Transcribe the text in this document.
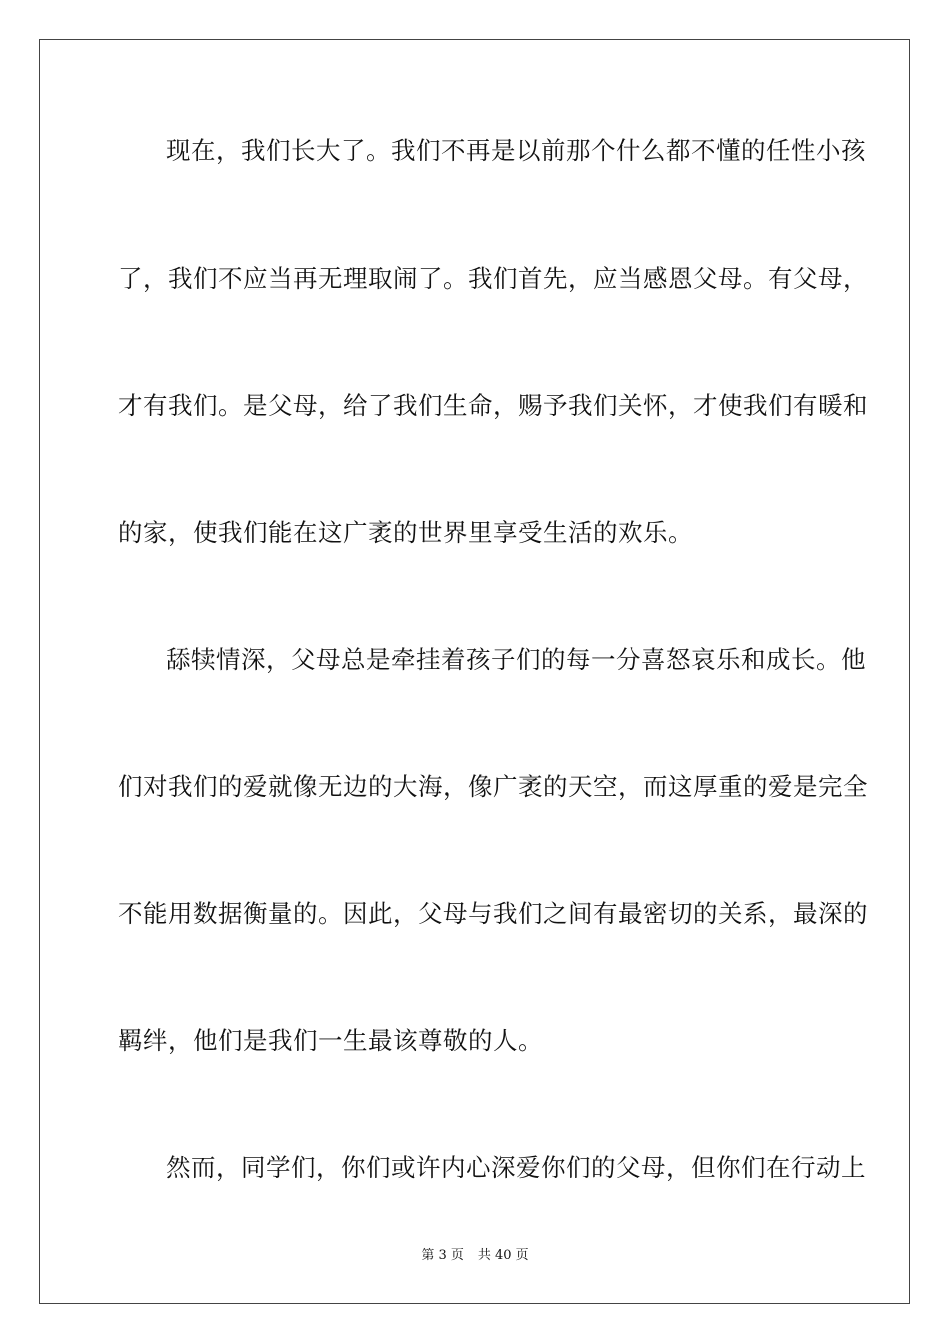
现在，我们长大了。我们不再是以前那个什么都不懂的任性小孩
了，我们不应当再无理取闹了。我们首先，应当感恩父母。有父母，
才有我们。是父母，给了我们生命，赐予我们关怀，才使我们有暖和
的家，使我们能在这广袤的世界里享受生活的欢乐。
舔犊情深，父母总是牵挂着孩子们的每一分喜怒哀乐和成长。他
们对我们的爱就像无边的大海，像广袤的天空，而这厚重的爱是完全
不能用数据衡量的。因此，父母与我们之间有最密切的关系，最深的
羁绊，他们是我们一生最该尊敬的人。
然而，同学们，你们或许内心深爱你们的父母，但你们在行动上
第 3 页 共 40 页
